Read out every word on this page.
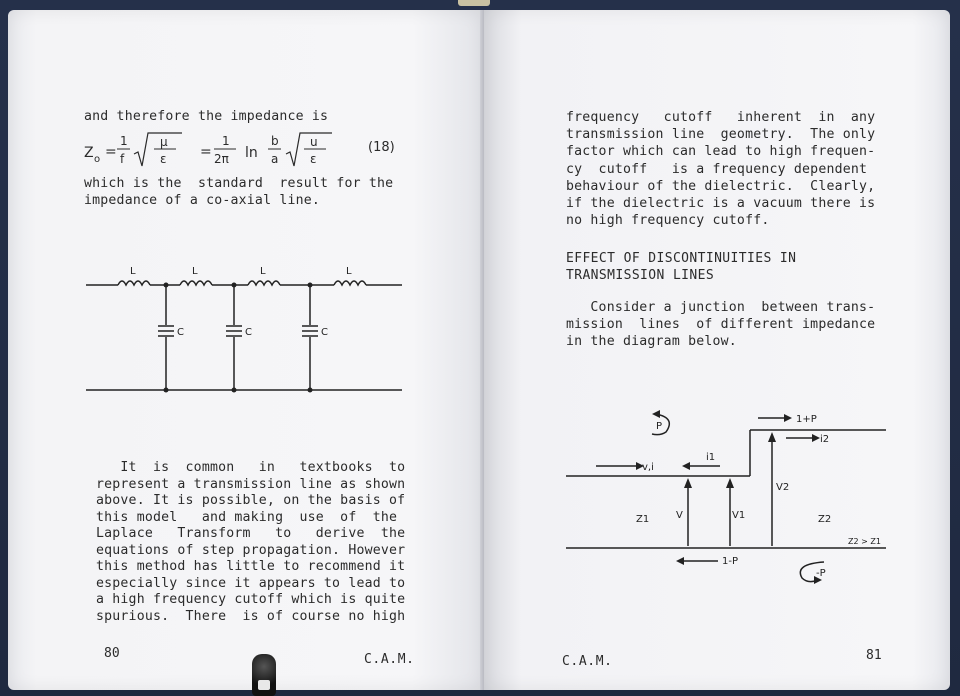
and therefore the impedance is
Z o =
1
f
μ
ε =
1
2π ln
b
a
u
ε
(18)
which is the  standard  result for the
impedance of a co-axial line.
L	L	L	L
C	C	C
It  is  common   in   textbooks  to
represent a transmission line as shown
above. It is possible, on the basis of
this model   and making  use  of  the
Laplace   Transform   to   derive  the
equations of step propagation. However
this method has little to recommend it
especially since it appears to lead to
a high frequency cutoff which is quite
spurious.  There  is of course no high
80	C.A.M.
frequency   cutoff   inherent  in  any
transmission line  geometry.  The only
factor which can lead to high frequen-
cy  cutoff   is a frequency dependent
behaviour of the dielectric.  Clearly,
if the dielectric is a vacuum there is
no high frequency cutoff.
EFFECT OF DISCONTINUITIES IN
TRANSMISSION LINES
Consider a junction  between trans-
mission  lines  of different impedance
in the diagram below.
P
1+P
i2
v,i
i1
V2
Z1	V	V1	Z2
Z2 > Z1
1-P
-P
C.A.M.	81
